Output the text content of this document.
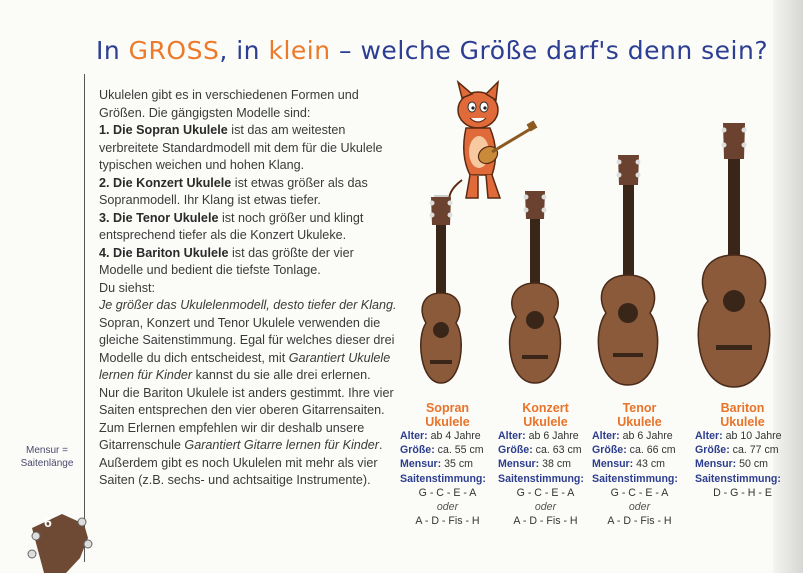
In GROSS, in klein – welche Größe darf's denn sein?

Ukulelen gibt es in verschiedenen Formen und Größen. Die gängigsten Modelle sind:

1. Die Sopran Ukulele ist das am weitesten verbreitete Standardmodell mit dem für die Ukulele typischen weichen und hohen Klang.

2. Die Konzert Ukulele ist etwas größer als das Sopranmodell. Ihr Klang ist etwas tiefer.

3. Die Tenor Ukulele ist noch größer und klingt entsprechend tiefer als die Konzert Ukuleke.

4. Die Bariton Ukulele ist das größte der vier Modelle und bedient die tiefste Tonlage.

Du siehst:

Je größer das Ukulelenmodell, desto tiefer der Klang.

Sopran, Konzert und Tenor Ukulele verwenden die gleiche Saitenstimmung. Egal für welches dieser drei Modelle du dich entscheidest, mit Garantiert Ukulele lernen für Kinder kannst du sie alle drei erlernen.

Nur die Bariton Ukulele ist anders gestimmt. Ihre vier Saiten entsprechen den vier oberen Gitarrensaiten. Zum Erlernen empfehlen wir dir deshalb unsere Gitarrenschule Garantiert Gitarre lernen für Kinder.

Außerdem gibt es noch Ukulelen mit mehr als vier Saiten (z.B. sechs- und achtsaitige Instrumente).

Mensur =
Saitenlänge
6
Sopran
Ukulele
Alter: ab 4 Jahre
Größe: ca. 55 cm
Mensur: 35 cm
Saitenstimmung:
G - C - E - A
oder
A - D - Fis - H
Konzert
Ukulele
Alter: ab 6 Jahre
Größe: ca. 63 cm
Mensur: 38 cm
Saitenstimmung:
G - C - E - A
oder
A - D - Fis - H
Tenor
Ukulele
Alter: ab 6 Jahre
Größe: ca. 66 cm
Mensur: 43 cm
Saitenstimmung:
G - C - E - A
oder
A - D - Fis - H
Bariton
Ukulele
Alter: ab 10 Jahre
Größe: ca. 77 cm
Mensur: 50 cm
Saitenstimmung:
D - G - H - E
